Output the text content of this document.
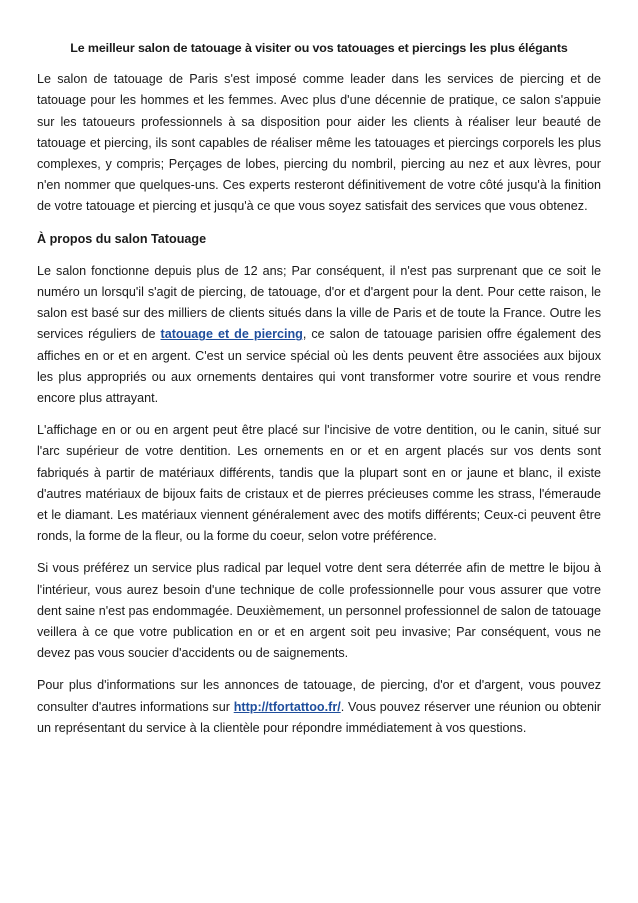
Le meilleur salon de tatouage à visiter ou vos tatouages et piercings les plus élégants

Le salon de tatouage de Paris s'est imposé comme leader dans les services de piercing et de tatouage pour les hommes et les femmes. Avec plus d'une décennie de pratique, ce salon s'appuie sur les tatoueurs professionnels à sa disposition pour aider les clients à réaliser leur beauté de tatouage et piercing, ils sont capables de réaliser même les tatouages et piercings corporels les plus complexes, y compris; Perçages de lobes, piercing du nombril, piercing au nez et aux lèvres, pour n'en nommer que quelques-uns. Ces experts resteront définitivement de votre côté jusqu'à la finition de votre tatouage et piercing et jusqu'à ce que vous soyez satisfait des services que vous obtenez.

À propos du salon Tatouage

Le salon fonctionne depuis plus de 12 ans; Par conséquent, il n'est pas surprenant que ce soit le numéro un lorsqu'il s'agit de piercing, de tatouage, d'or et d'argent pour la dent. Pour cette raison, le salon est basé sur des milliers de clients situés dans la ville de Paris et de toute la France. Outre les services réguliers de tatouage et de piercing, ce salon de tatouage parisien offre également des affiches en or et en argent. C'est un service spécial où les dents peuvent être associées aux bijoux les plus appropriés ou aux ornements dentaires qui vont transformer votre sourire et vous rendre encore plus attrayant.

L'affichage en or ou en argent peut être placé sur l'incisive de votre dentition, ou le canin, situé sur l'arc supérieur de votre dentition. Les ornements en or et en argent placés sur vos dents sont fabriqués à partir de matériaux différents, tandis que la plupart sont en or jaune et blanc, il existe d'autres matériaux de bijoux faits de cristaux et de pierres précieuses comme les strass, l'émeraude et le diamant. Les matériaux viennent généralement avec des motifs différents; Ceux-ci peuvent être ronds, la forme de la fleur, ou la forme du coeur, selon votre préférence.

Si vous préférez un service plus radical par lequel votre dent sera déterrée afin de mettre le bijou à l'intérieur, vous aurez besoin d'une technique de colle professionnelle pour vous assurer que votre dent saine n'est pas endommagée. Deuxièmement, un personnel professionnel de salon de tatouage veillera à ce que votre publication en or et en argent soit peu invasive; Par conséquent, vous ne devez pas vous soucier d'accidents ou de saignements.

Pour plus d'informations sur les annonces de tatouage, de piercing, d'or et d'argent, vous pouvez consulter d'autres informations sur http://tfortattoo.fr/. Vous pouvez réserver une réunion ou obtenir un représentant du service à la clientèle pour répondre immédiatement à vos questions.
